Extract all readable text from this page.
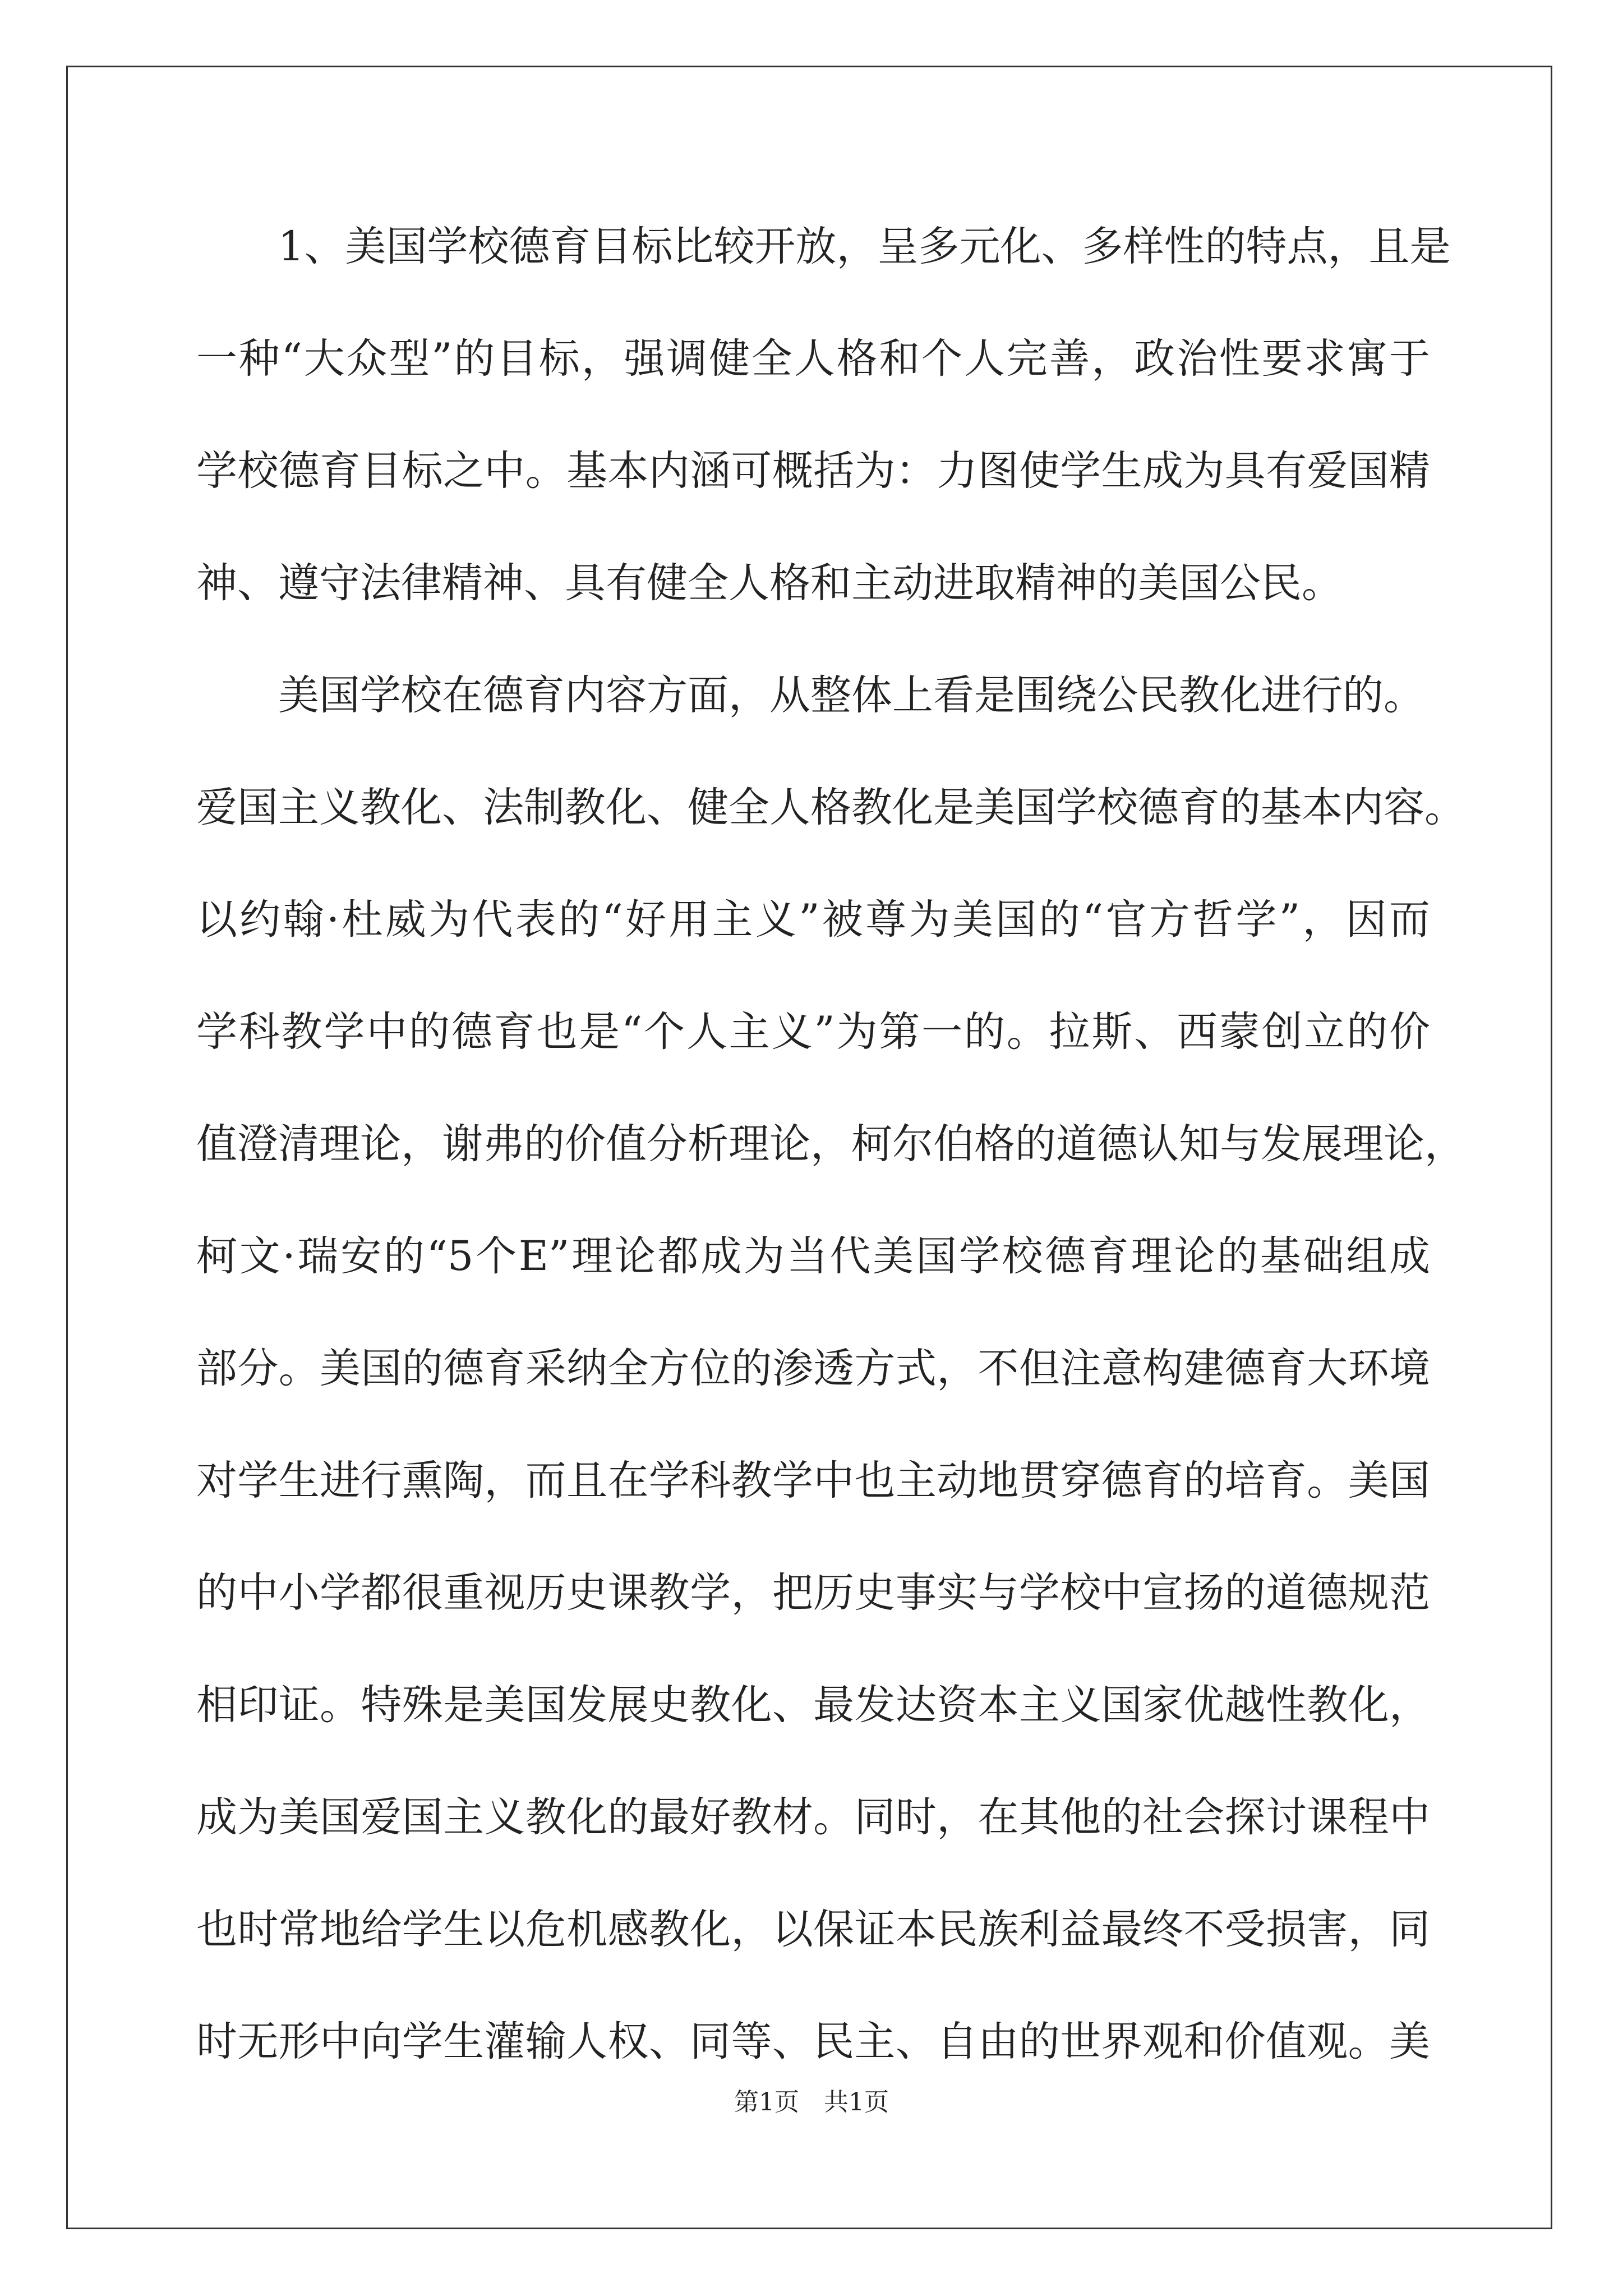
　　1、美国学校德育目标比较开放，呈多元化、多样性的特点，且是
一种“大众型”的目标，强调健全人格和个人完善，政治性要求寓于
学校德育目标之中。基本内涵可概括为：力图使学生成为具有爱国精
神、遵守法律精神、具有健全人格和主动进取精神的美国公民。
　　美国学校在德育内容方面，从整体上看是围绕公民教化进行的。
爱国主义教化、法制教化、健全人格教化是美国学校德育的基本内容。
以约翰·杜威为代表的“好用主义”被尊为美国的“官方哲学”，因而
学科教学中的德育也是“个人主义”为第一的。拉斯、西蒙创立的价
值澄清理论，谢弗的价值分析理论，柯尔伯格的道德认知与发展理论，
柯文·瑞安的“5个E”理论都成为当代美国学校德育理论的基础组成
部分。美国的德育采纳全方位的渗透方式，不但注意构建德育大环境
对学生进行熏陶，而且在学科教学中也主动地贯穿德育的培育。美国
的中小学都很重视历史课教学，把历史事实与学校中宣扬的道德规范
相印证。特殊是美国发展史教化、最发达资本主义国家优越性教化，
成为美国爱国主义教化的最好教材。同时，在其他的社会探讨课程中
也时常地给学生以危机感教化，以保证本民族利益最终不受损害，同
时无形中向学生灌输人权、同等、民主、自由的世界观和价值观。美
第1页　共1页
